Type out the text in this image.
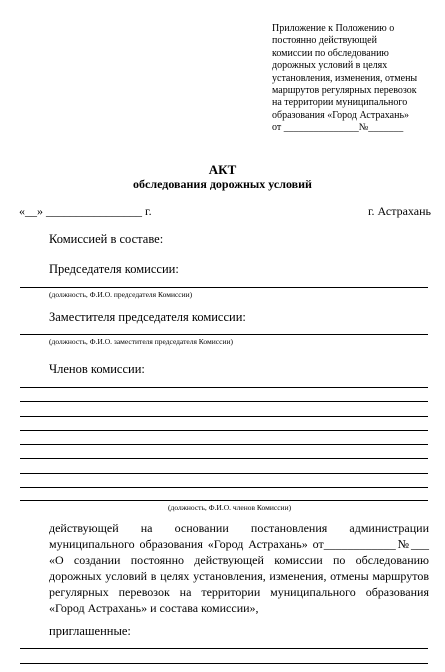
Приложение к Положению о
постоянно действующей
комиссии по обследованию
дорожных условий в целях
установления, изменения, отмены
маршрутов регулярных перевозок
на территории муниципального
образования «Город Астрахань»
от _______________№_______
АКТ
обследования дорожных условий
«__» ________________ г.	г. Астрахань
Комиссией в составе:
Председателя комиссии:
(должность, Ф.И.О. председателя Комиссии)
Заместителя председателя комиссии:
(должность, Ф.И.О. заместителя председателя Комиссии)
Членов комиссии:
(должность, Ф.И.О. членов Комиссии)
действующей на основании постановления администрации муниципального образования «Город Астрахань» от____________№___ «О создании постоянно действующей комиссии по обследованию дорожных условий в целях установления, изменения, отмены маршрутов регулярных перевозок на территории муниципального образования «Город Астрахань» и состава комиссии»,
приглашенные:
